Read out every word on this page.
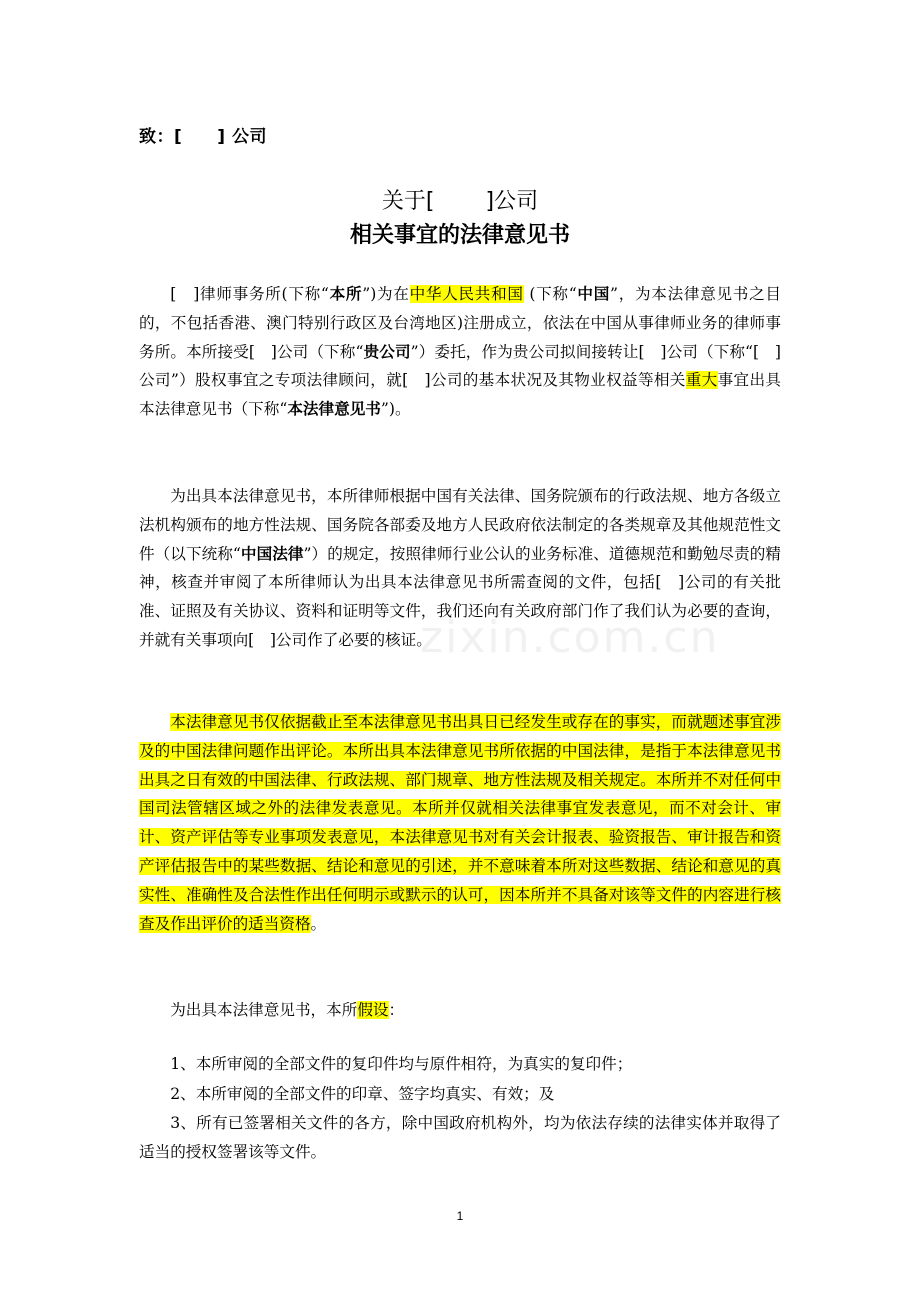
致：[　　] 公司
关于[　　 ]公司
相关事宜的法律意见书

[　]律师事务所(下称“本所”)为在中华人民共和国 (下称“中国”，为本法律意见书之目的，不包括香港、澳门特别行政区及台湾地区)注册成立，依法在中国从事律师业务的律师事务所。本所接受[　]公司（下称“贵公司”）委托，作为贵公司拟间接转让[　]公司（下称“[　]公司”）股权事宜之专项法律顾问，就[　]公司的基本状况及其物业权益等相关重大事宜出具本法律意见书（下称“本法律意见书”)。

为出具本法律意见书，本所律师根据中国有关法律、国务院颁布的行政法规、地方各级立法机构颁布的地方性法规、国务院各部委及地方人民政府依法制定的各类规章及其他规范性文件（以下统称“中国法律”）的规定，按照律师行业公认的业务标准、道德规范和勤勉尽责的精神，核查并审阅了本所律师认为出具本法律意见书所需查阅的文件，包括[　]公司的有关批准、证照及有关协议、资料和证明等文件，我们还向有关政府部门作了我们认为必要的查询，并就有关事项向[　]公司作了必要的核证。

本法律意见书仅依据截止至本法律意见书出具日已经发生或存在的事实，而就题述事宜涉及的中国法律问题作出评论。本所出具本法律意见书所依据的中国法律，是指于本法律意见书出具之日有效的中国法律、行政法规、部门规章、地方性法规及相关规定。本所并不对任何中国司法管辖区域之外的法律发表意见。本所并仅就相关法律事宜发表意见，而不对会计、审计、资产评估等专业事项发表意见，本法律意见书对有关会计报表、验资报告、审计报告和资产评估报告中的某些数据、结论和意见的引述，并不意味着本所对这些数据、结论和意见的真实性、准确性及合法性作出任何明示或默示的认可，因本所并不具备对该等文件的内容进行核查及作出评价的适当资格。

为出具本法律意见书，本所假设：

1、本所审阅的全部文件的复印件均与原件相符，为真实的复印件；

2、本所审阅的全部文件的印章、签字均真实、有效；及

3、所有已签署相关文件的各方，除中国政府机构外，均为依法存续的法律实体并取得了适当的授权签署该等文件。

zixin.com.cn
1
